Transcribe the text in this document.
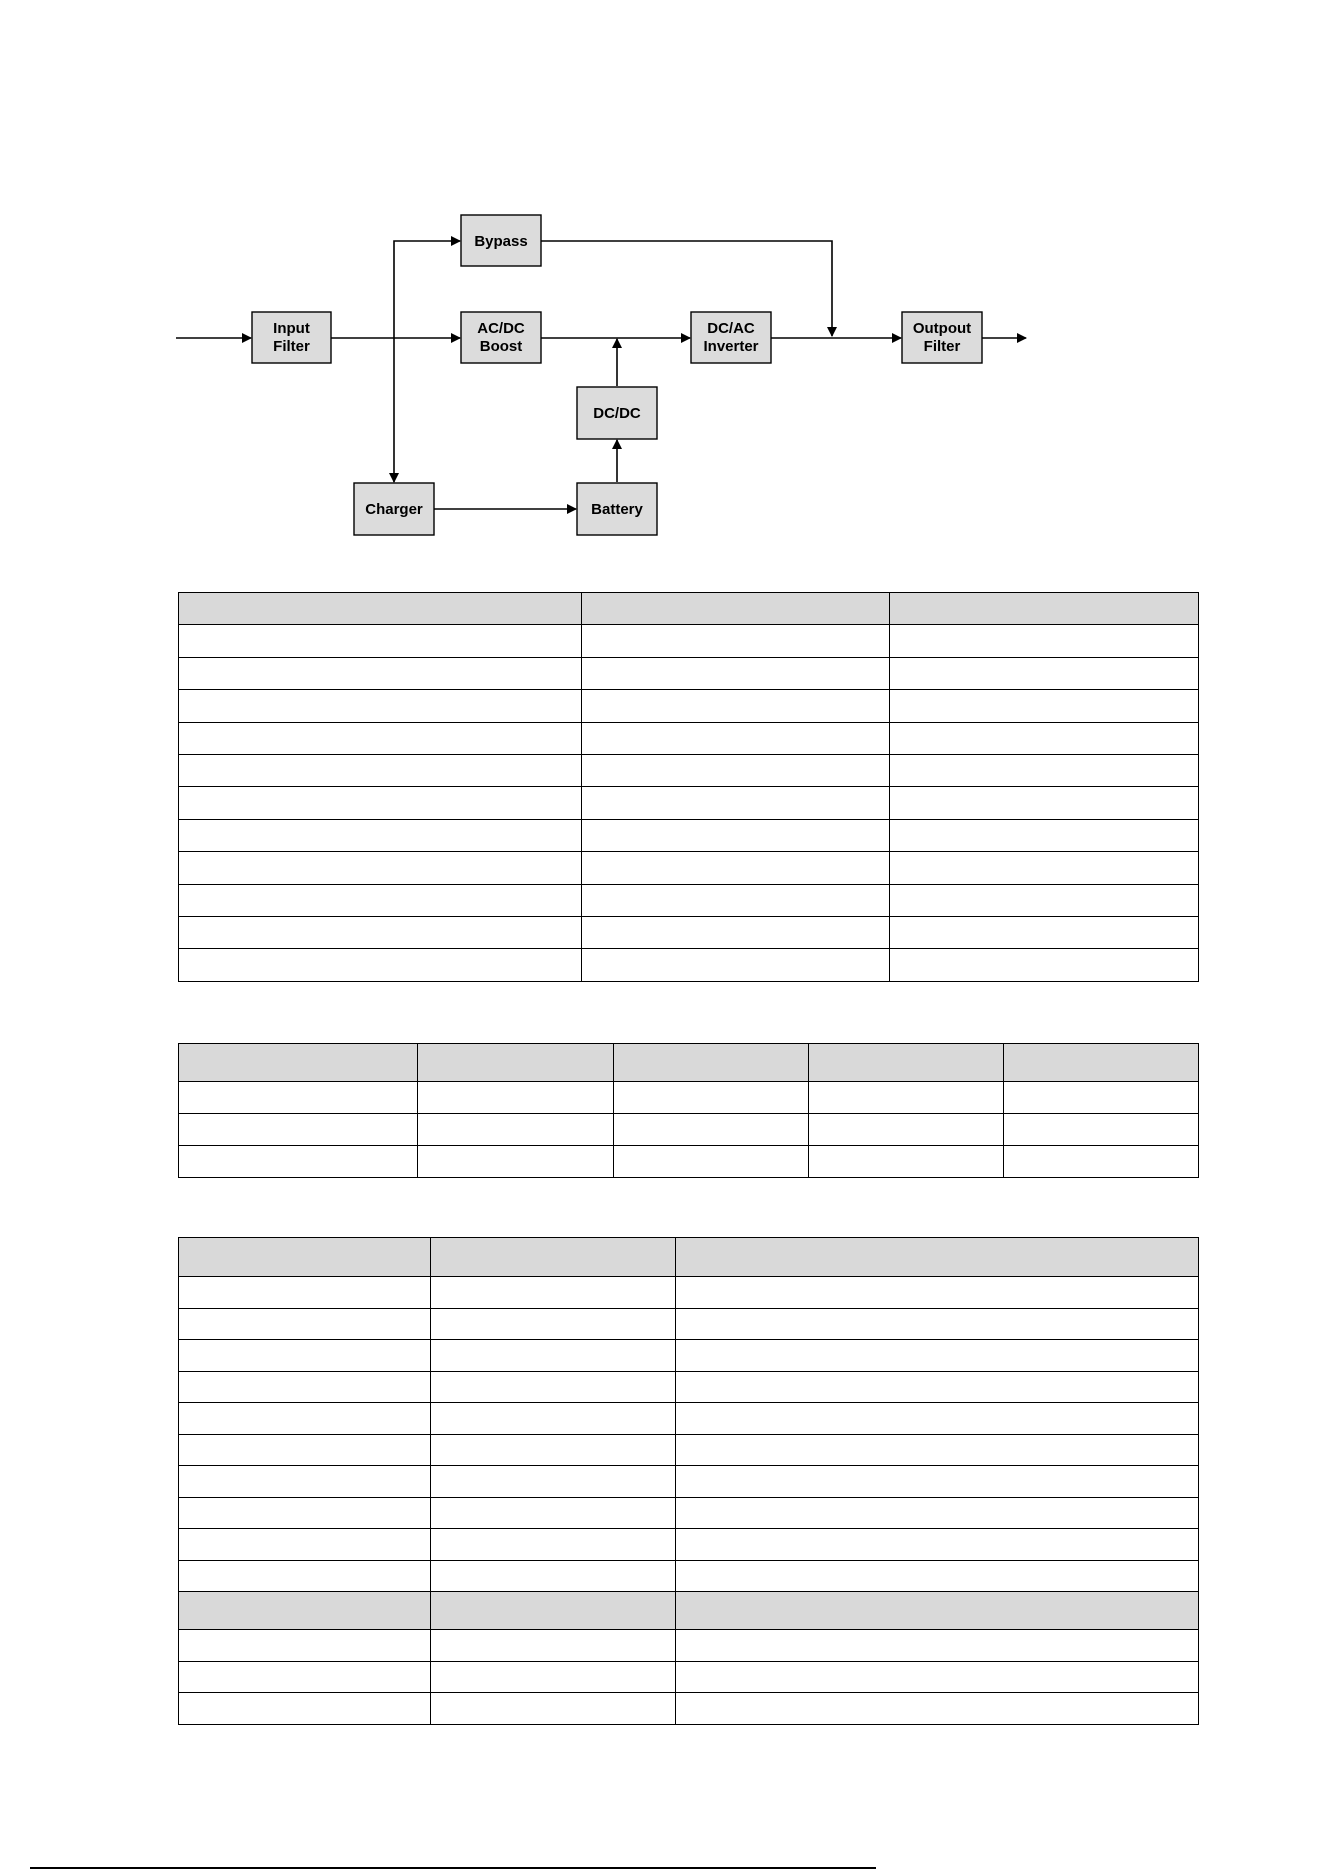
Input
Filter
Bypass
AC/DC
Boost
DC/AC
Inverter
Outpout
Filter
DC/DC
Charger	Battery
